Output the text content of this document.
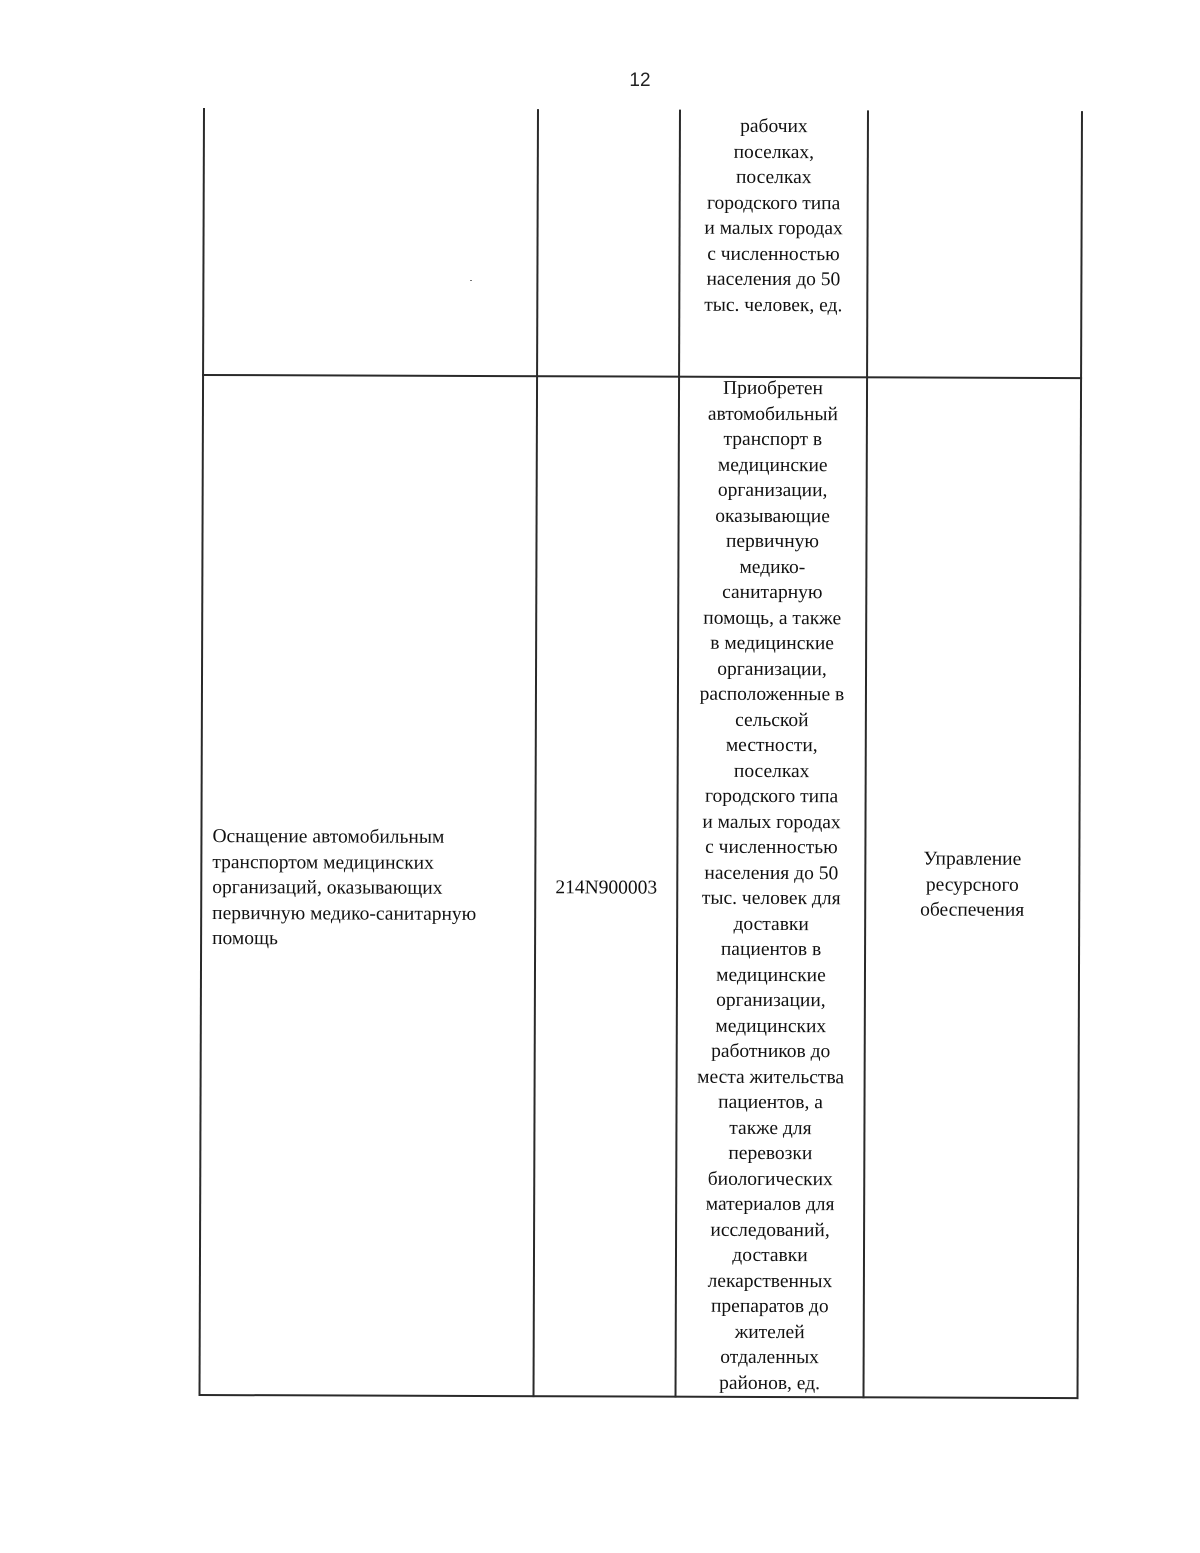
12
рабочих
поселках,
поселках
городского типа
и малых городах
с численностью
населения до 50
тыс. человек, ед.
Оснащение автомобильным
транспортом медицинских
организаций, оказывающих
первичную медико-санитарную
помощь
214N900003
Приобретен
автомобильный
транспорт в
медицинские
организации,
оказывающие
первичную
медико-
санитарную
помощь, а также
в медицинские
организации,
расположенные в
сельской
местности,
поселках
городского типа
и малых городах
с численностью
населения до 50
тыс. человек для
доставки
пациентов в
медицинские
организации,
медицинских
работников до
места жительства
пациентов, а
также для
перевозки
биологических
материалов для
исследований,
доставки
лекарственных
препаратов до
жителей
отдаленных
районов, ед.
Управление
ресурсного
обеспечения
